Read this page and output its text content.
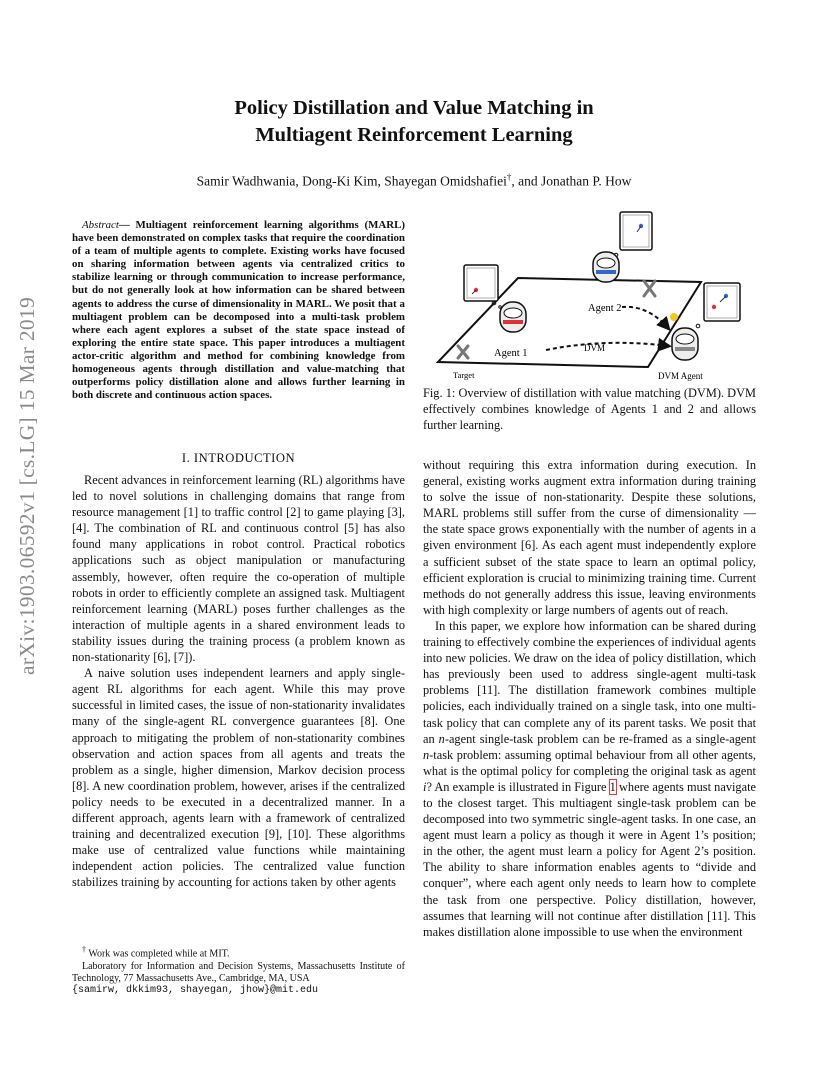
arXiv:1903.06592v1 [cs.LG] 15 Mar 2019
Policy Distillation and Value Matching in
Multiagent Reinforcement Learning
Samir Wadhwania, Dong-Ki Kim, Shayegan Omidshafiei†, and Jonathan P. How
Abstract— Multiagent reinforcement learning algorithms (MARL) have been demonstrated on complex tasks that require the coordination of a team of multiple agents to complete. Existing works have focused on sharing information between agents via centralized critics to stabilize learning or through communication to increase performance, but do not generally look at how information can be shared between agents to address the curse of dimensionality in MARL. We posit that a multiagent problem can be decomposed into a multi-task problem where each agent explores a subset of the state space instead of exploring the entire state space. This paper introduces a multiagent actor-critic algorithm and method for combining knowledge from homogeneous agents through distillation and value-matching that outperforms policy distillation alone and allows further learning in both discrete and continuous action spaces.
I. INTRODUCTION

Recent advances in reinforcement learning (RL) algorithms have led to novel solutions in challenging domains that range from resource management [1] to traffic control [2] to game playing [3], [4]. The combination of RL and continuous control [5] has also found many applications in robot control. Practical robotics applications such as object manipulation or manufacturing assembly, however, often require the co-operation of multiple robots in order to efficiently complete an assigned task. Multiagent reinforcement learning (MARL) poses further challenges as the interaction of multiple agents in a shared environment leads to stability issues during the training process (a problem known as non-stationarity [6], [7]).

A naive solution uses independent learners and apply single-agent RL algorithms for each agent. While this may prove successful in limited cases, the issue of non-stationarity invalidates many of the single-agent RL convergence guarantees [8]. One approach to mitigating the problem of non-stationarity combines observation and action spaces from all agents and treats the problem as a single, higher dimension, Markov decision process [8]. A new coordination problem, however, arises if the centralized policy needs to be executed in a decentralized manner. In a different approach, agents learn with a framework of centralized training and decentralized execution [9], [10]. These algorithms make use of centralized value functions while maintaining independent action policies. The centralized value function stabilizes training by accounting for actions taken by other agents

† Work was completed while at MIT.

Laboratory for Information and Decision Systems, Massachusetts Institute of Technology, 77 Massachusetts Ave., Cambridge, MA, USA

{samirw, dkkim93, shayegan, jhow}@mit.edu

Agent 1
Agent 2
DVM
Target	DVM Agent
Fig. 1: Overview of distillation with value matching (DVM). DVM effectively combines knowledge of Agents 1 and 2 and allows further learning.

without requiring this extra information during execution. In general, existing works augment extra information during training to solve the issue of non-stationarity. Despite these solutions, MARL problems still suffer from the curse of dimensionality — the state space grows exponentially with the number of agents in a given environment [6]. As each agent must independently explore a sufficient subset of the state space to learn an optimal policy, efficient exploration is crucial to minimizing training time. Current methods do not generally address this issue, leaving environments with high complexity or large numbers of agents out of reach.

In this paper, we explore how information can be shared during training to effectively combine the experiences of individual agents into new policies. We draw on the idea of policy distillation, which has previously been used to address single-agent multi-task problems [11]. The distillation framework combines multiple policies, each individually trained on a single task, into one multi-task policy that can complete any of its parent tasks. We posit that an n-agent single-task problem can be re-framed as a single-agent n-task problem: assuming optimal behaviour from all other agents, what is the optimal policy for completing the original task as agent i? An example is illustrated in Figure 1 where agents must navigate to the closest target. This multiagent single-task problem can be decomposed into two symmetric single-agent tasks. In one case, an agent must learn a policy as though it were in Agent 1’s position; in the other, the agent must learn a policy for Agent 2’s position. The ability to share information enables agents to “divide and conquer”, where each agent only needs to learn how to complete the task from one perspective. Policy distillation, however, assumes that learning will not continue after distillation [11]. This makes distillation alone impossible to use when the environment
